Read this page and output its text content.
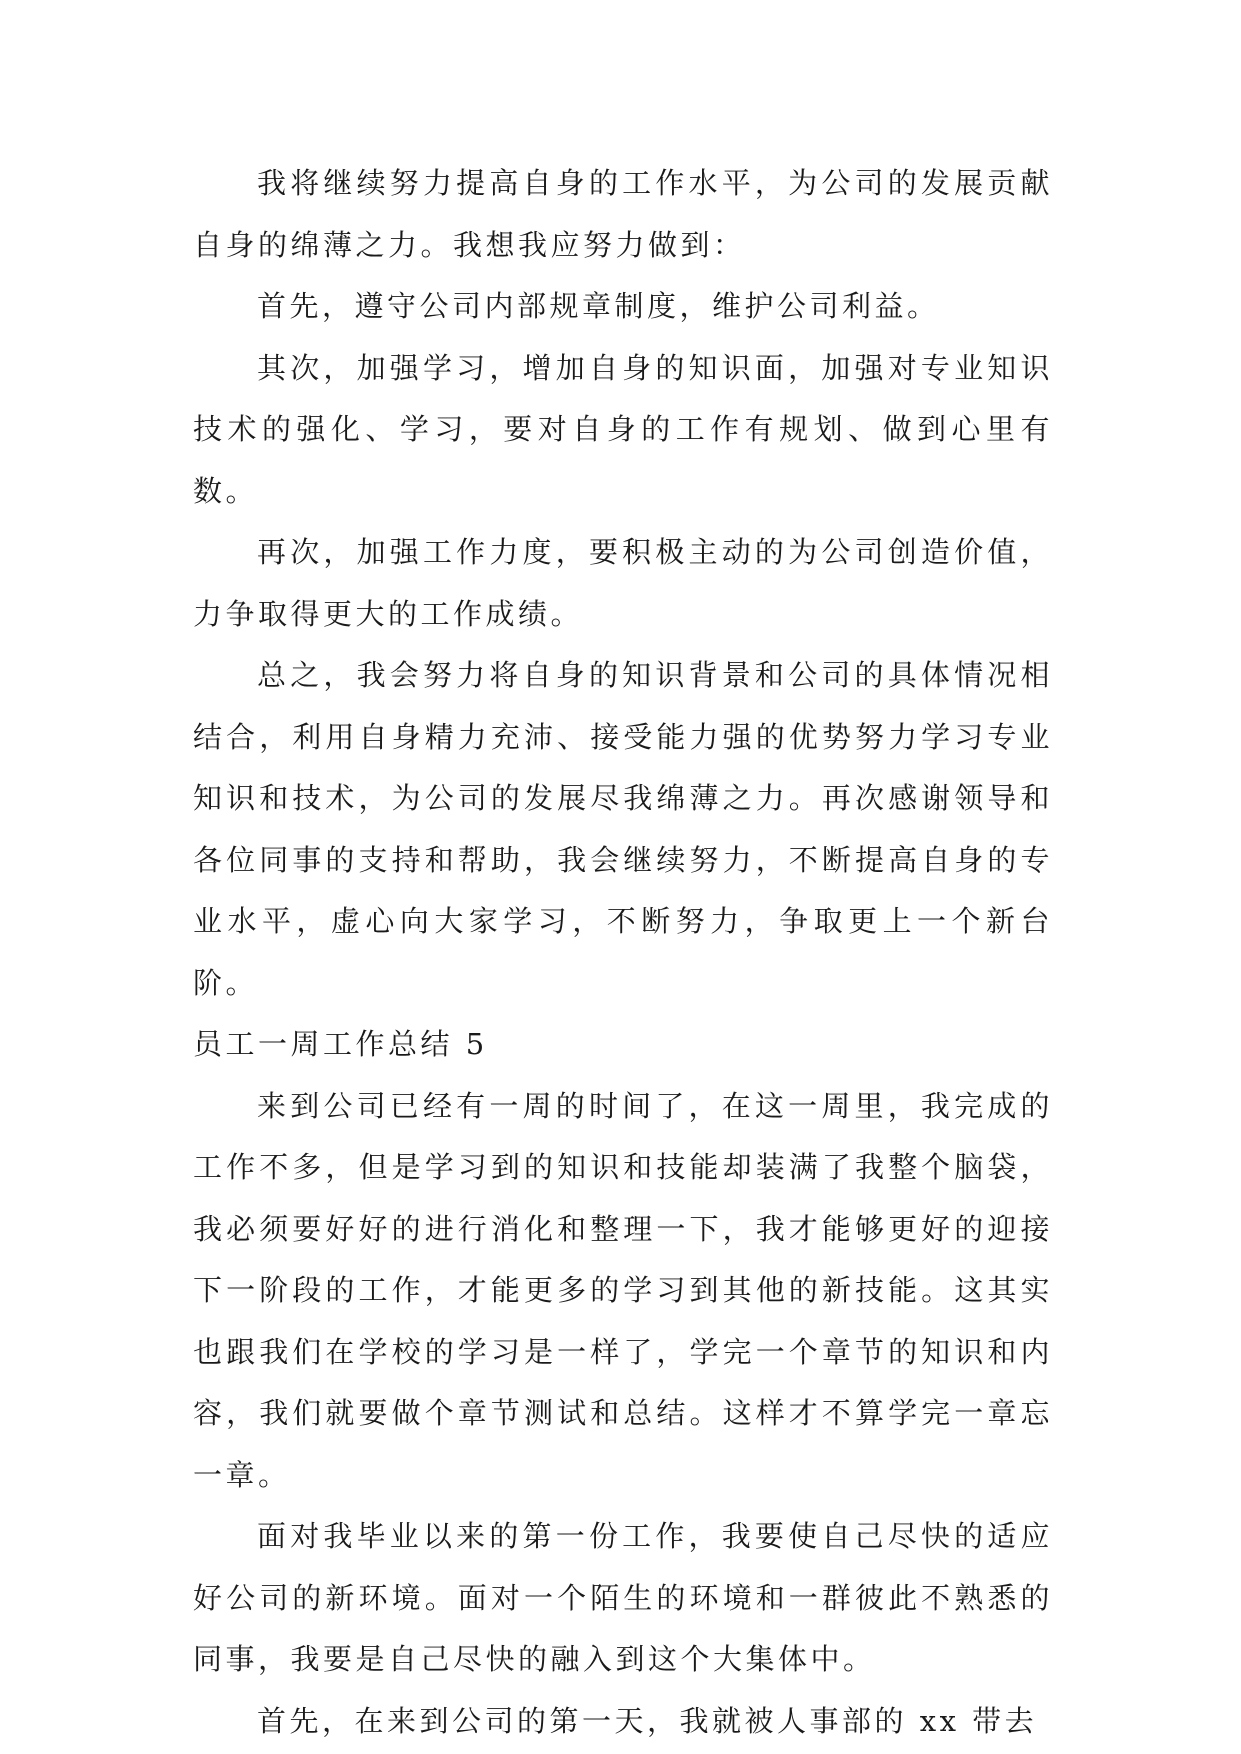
我将继续努力提高自身的工作水平，为公司的发展贡献自身的绵薄之力。我想我应努力做到：

首先，遵守公司内部规章制度，维护公司利益。

其次，加强学习，增加自身的知识面，加强对专业知识技术的强化、学习，要对自身的工作有规划、做到心里有数。

再次，加强工作力度，要积极主动的为公司创造价值，力争取得更大的工作成绩。

总之，我会努力将自身的知识背景和公司的具体情况相结合，利用自身精力充沛、接受能力强的优势努力学习专业知识和技术，为公司的发展尽我绵薄之力。再次感谢领导和各位同事的支持和帮助，我会继续努力，不断提高自身的专业水平，虚心向大家学习，不断努力，争取更上一个新台阶。

员工一周工作总结 5

来到公司已经有一周的时间了，在这一周里，我完成的工作不多，但是学习到的知识和技能却装满了我整个脑袋，我必须要好好的进行消化和整理一下，我才能够更好的迎接下一阶段的工作，才能更多的学习到其他的新技能。这其实也跟我们在学校的学习是一样了，学完一个章节的知识和内容，我们就要做个章节测试和总结。这样才不算学完一章忘一章。

面对我毕业以来的第一份工作，我要使自己尽快的适应好公司的新环境。面对一个陌生的环境和一群彼此不熟悉的同事，我要是自己尽快的融入到这个大集体中。

首先，在来到公司的第一天，我就被人事部的 xx 带去
